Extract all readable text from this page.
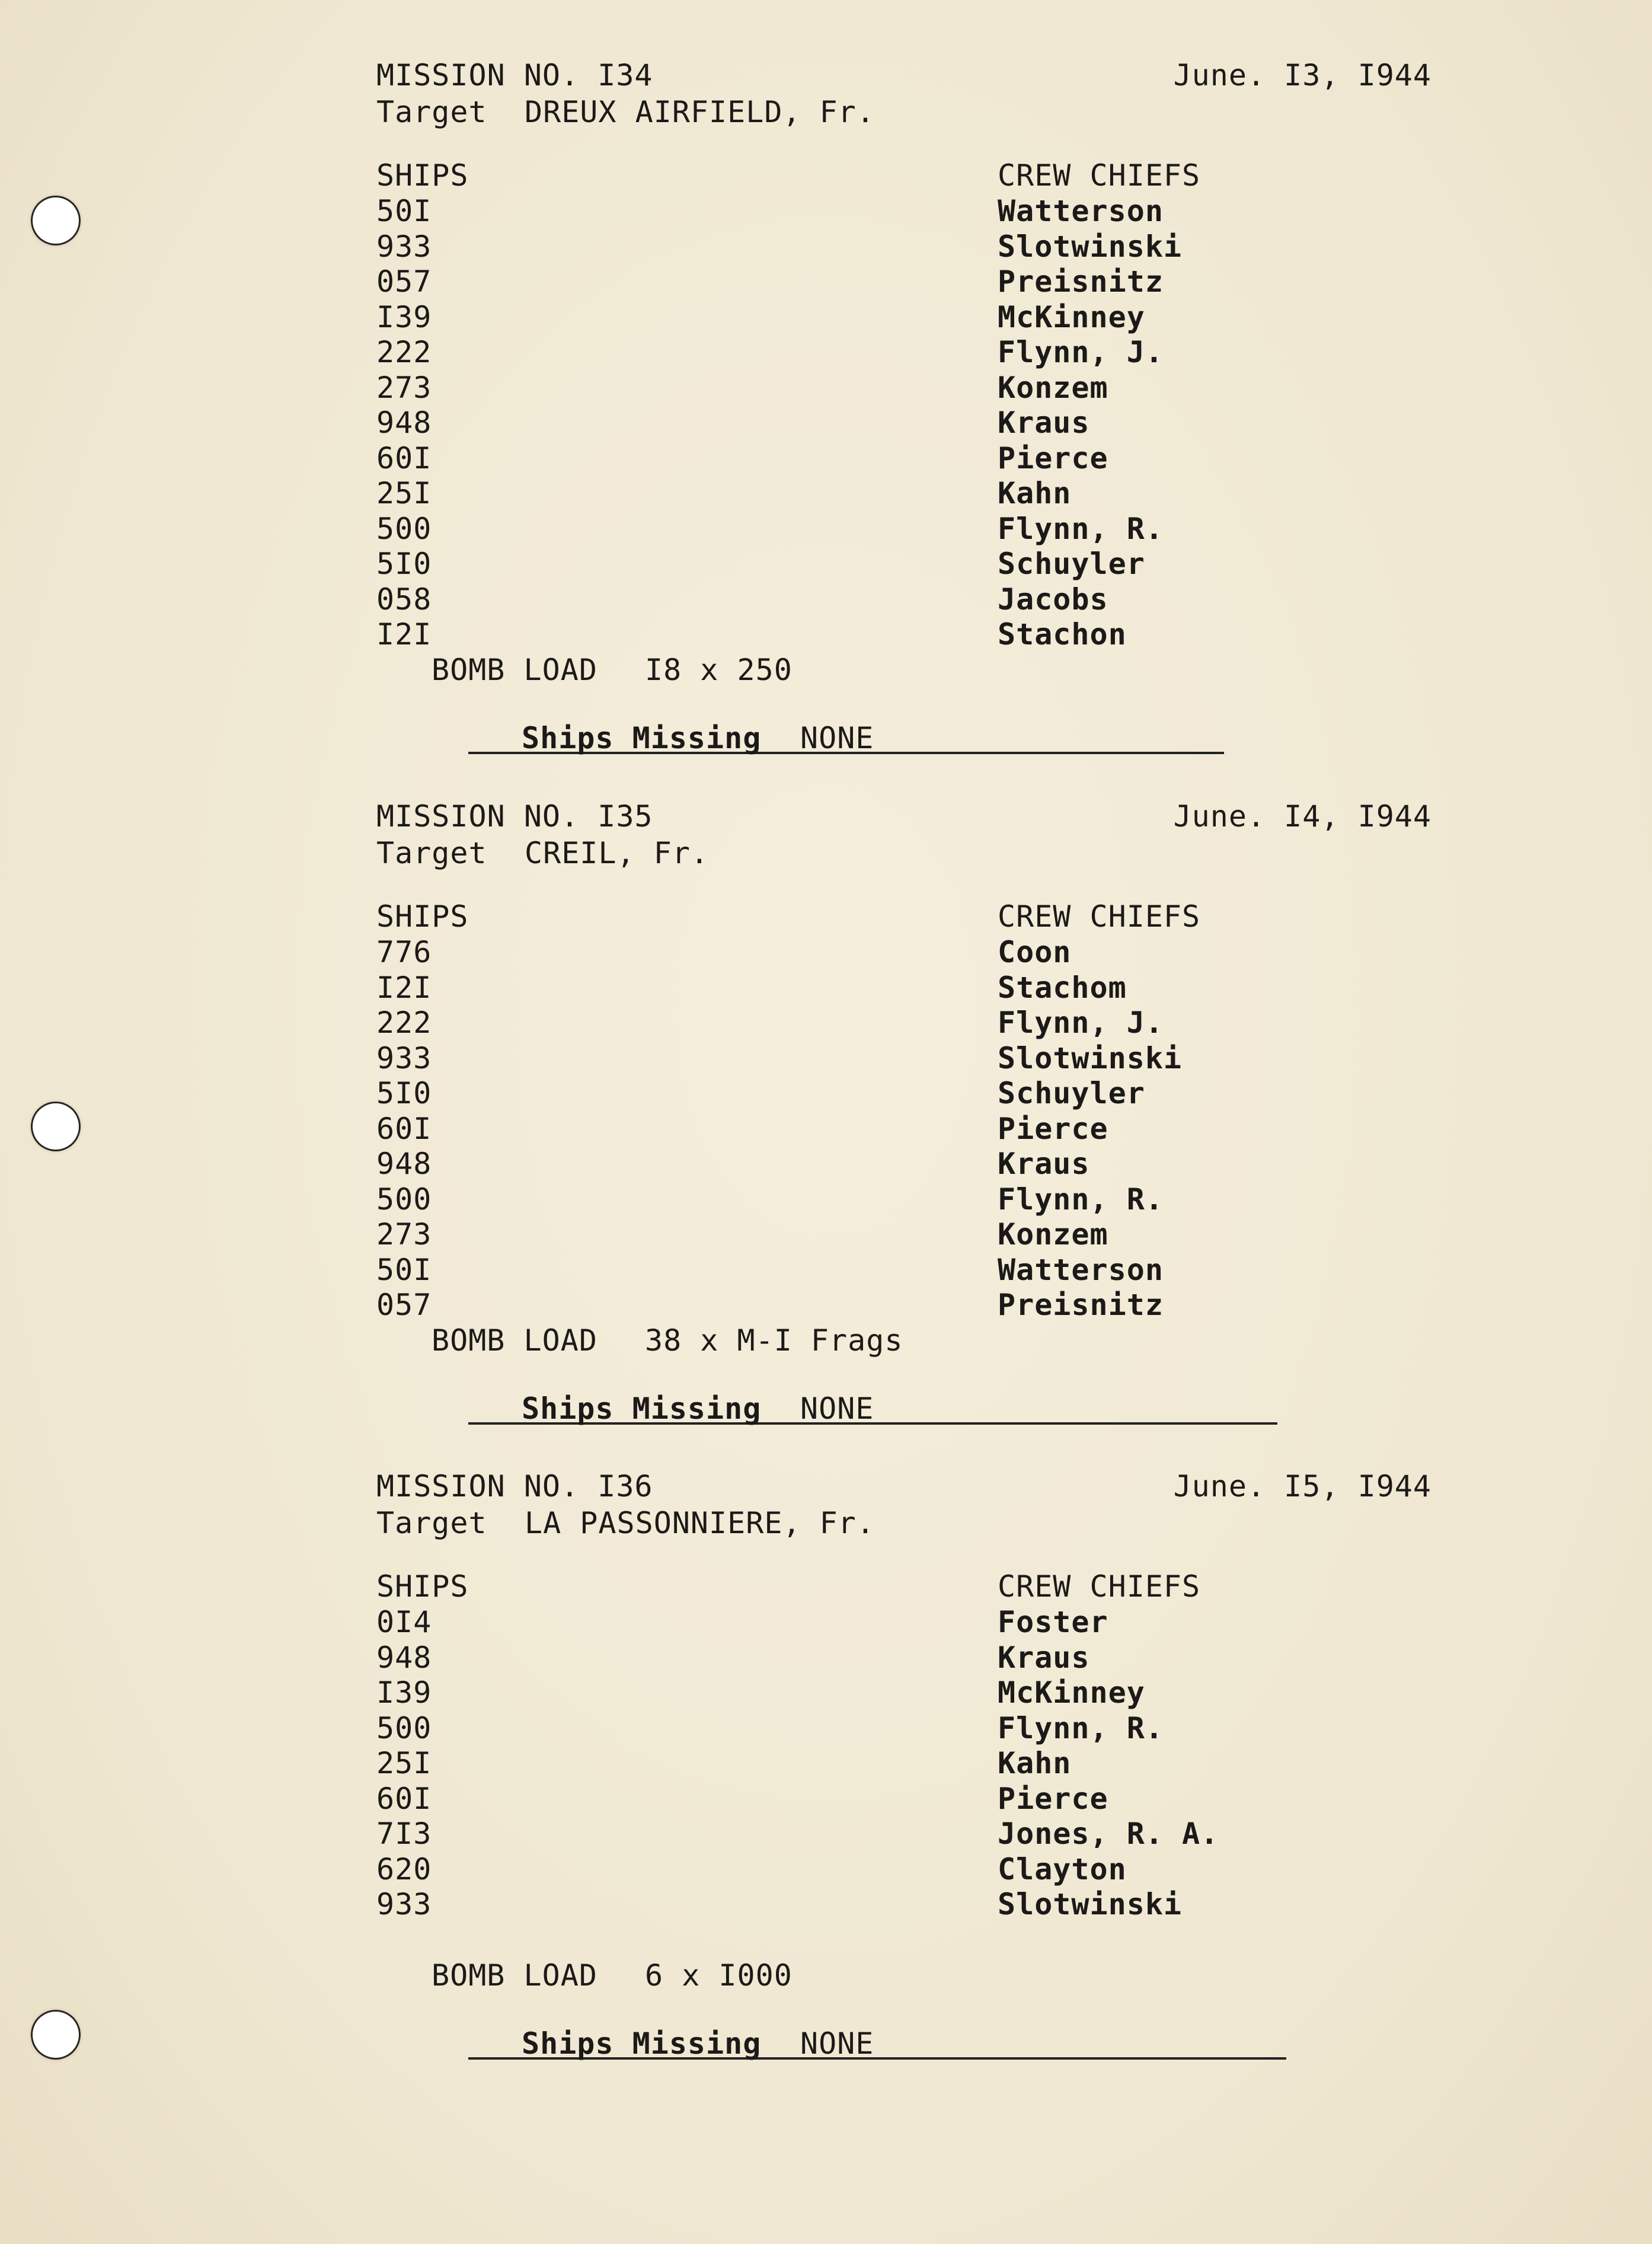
MISSION NO. I34	June. I3, I944
Target DREUX AIRFIELD, Fr.
SHIPS	CREW CHIEFS
50I	Watterson
933	Slotwinski
057	Preisnitz
I39	McKinney
222	Flynn, J.
273	Konzem
948	Kraus
60I	Pierce
25I	Kahn
500	Flynn, R.
5I0	Schuyler
058	Jacobs
I2I	Stachon
BOMB LOAD I8 x 250
Ships Missing NONE
MISSION NO. I35	June. I4, I944
Target CREIL, Fr.
SHIPS	CREW CHIEFS
776	Coon
I2I	Stachom
222	Flynn, J.
933	Slotwinski
5I0	Schuyler
60I	Pierce
948	Kraus
500	Flynn, R.
273	Konzem
50I	Watterson
057	Preisnitz
BOMB LOAD 38 x M-I Frags
Ships Missing NONE
MISSION NO. I36	June. I5, I944
Target LA PASSONNIERE, Fr.
SHIPS	CREW CHIEFS
0I4	Foster
948	Kraus
I39	McKinney
500	Flynn, R.
25I	Kahn
60I	Pierce
7I3	Jones, R. A.
620	Clayton
933	Slotwinski
BOMB LOAD 6 x I000
Ships Missing NONE
